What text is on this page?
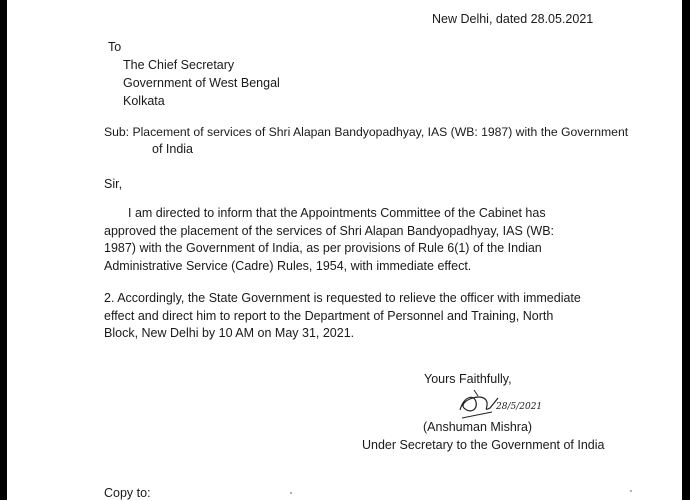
New Delhi, dated 28.05.2021
To
The Chief Secretary
Government of West Bengal
Kolkata
Sub: Placement of services of Shri Alapan Bandyopadhyay, IAS (WB: 1987) with the Government
of India
Sir,
I am directed to inform that the Appointments Committee of the Cabinet has approved the placement of the services of Shri Alapan Bandyopadhyay, IAS (WB: 1987) with the Government of India, as per provisions of Rule 6(1) of the Indian Administrative Service (Cadre) Rules, 1954, with immediate effect.
2. Accordingly, the State Government is requested to relieve the officer with immediate effect and direct him to report to the Department of Personnel and Training, North Block, New Delhi by 10 AM on May 31, 2021.
Yours Faithfully,
28/5/2021
(Anshuman Mishra)
Under Secretary to the Government of India
Copy to:
